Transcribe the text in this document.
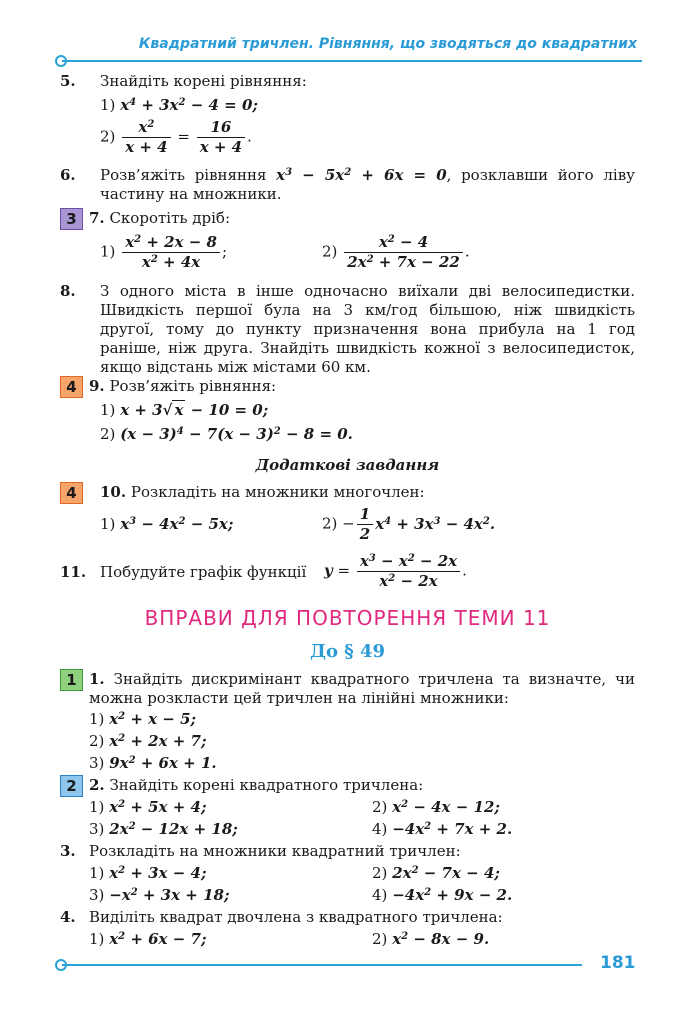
Квадратний тричлен. Рівняння, що зводяться до квадратних
5. Знайдіть корені рівняння:
1) $x^4 + 3x^2 - 4 = 0$;
$2) \frac{x^2}{x + 4} = \frac{16}{x + 4}$ .
6. Розв’яжіть рівняння $x^3 - 5x^2 + 6x = 0$, розклавши його ліву частину на множники.
3 7. Скоротіть дріб:
$1) \frac{x^2 + 2x - 8}{x^2 + 4x}$ ;	$2) \frac{x^2 - 4}{2x^2 + 7x - 22}$ .
8. З одного міста в інше одночасно виїхали дві велосипедистки. Швидкість першої була на 3 км/год більшою, ніж швидкість другої, тому до пункту призначення вона прибула на 1 год раніше, ніж друга. Знайдіть швидкість кожної з велосипедисток, якщо відстань між містами 60 км.
4 9. Розв’яжіть рівняння:
1) x + 3√ x − 10 = 0;
2) $(x - 3)^4 - 7(x - 3)^2 - 8 = 0$.
Додаткові завдання
4	10. Розкладіть на множники многочлен:
1) $x^3 - 4x^2 - 5x$;	$2) - \frac{1}{2} x^4 + 3x^3 - 4x^2$.
11. Побудуйте графік функції $y = \frac{x^3 - x^2 - 2x}{x^2 - 2x}$ .
ВПРАВИ ДЛЯ ПОВТОРЕННЯ ТЕМИ 11
До § 49
1 1. Знайдіть дискримінант квадратного тричлена та визначте, чи можна розкласти цей тричлен на лінійні множники:
1) $x^2 + x - 5$;
2) $x^2 + 2x + 7$;
3) $9x^2 + 6x + 1$.
2 2. Знайдіть корені квадратного тричлена:
1) $x^2 + 5x + 4$;	2) $x^2 - 4x - 12$;
3) $2x^2 - 12x + 18$;	$4) -4x^2 + 7x + 2$.
3. Розкладіть на множники квадратний тричлен:
1) $x^2 + 3x - 4$;	2) $2x^2 - 7x - 4$;
$3) -x^2 + 3x + 18$;	$4) -4x^2 + 9x - 2$.
4. Виділіть квадрат двочлена з квадратного тричлена:
1) $x^2 + 6x - 7$;	2) $x^2 - 8x - 9$.
181
